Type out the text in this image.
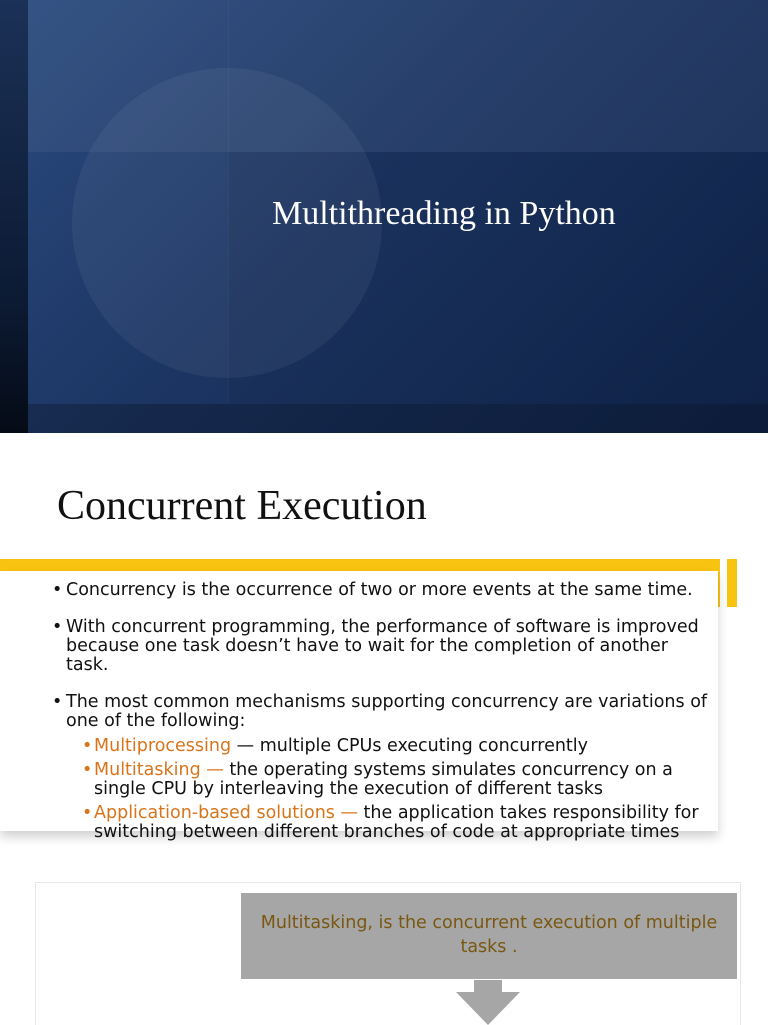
Multithreading in Python
Concurrent Execution
• Concurrency is the occurrence of two or more events at the same time.
• With concurrent programming, the performance of software is improved because one task doesn’t have to wait for the completion of another task.
• The most common mechanisms supporting concurrency are variations of one of the following:
• Multiprocessing — multiple CPUs executing concurrently
• Multitasking — the operating systems simulates concurrency on a single CPU by interleaving the execution of different tasks
• Application-based solutions — the application takes responsibility for switching between different branches of code at appropriate times
Multitasking, is the concurrent execution of multiple tasks .
